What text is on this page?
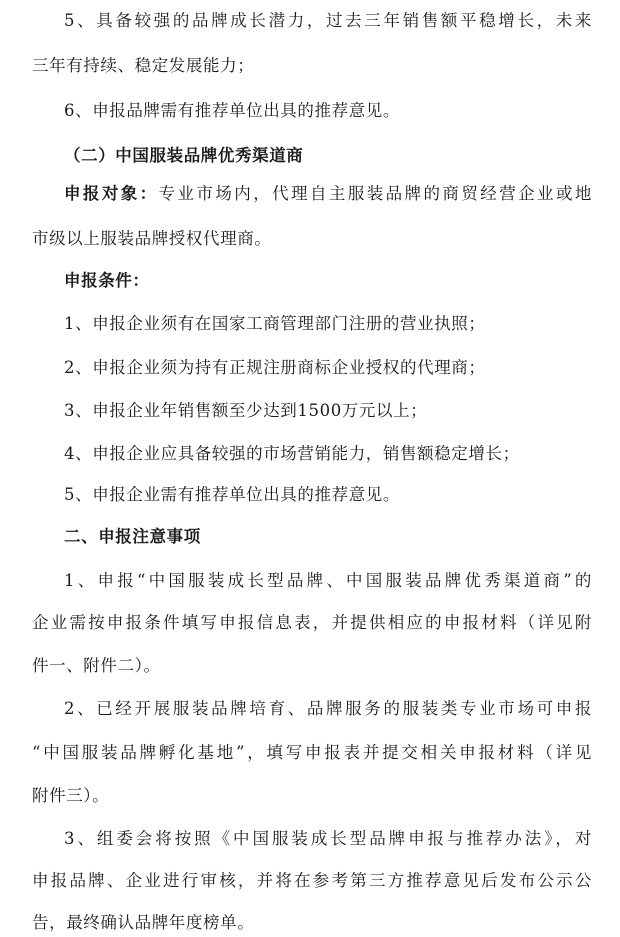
5、具备较强的品牌成长潜力，过去三年销售额平稳增长，未来
三年有持续、稳定发展能力；
6、申报品牌需有推荐单位出具的推荐意见。
（二）中国服装品牌优秀渠道商
申报对象：专业市场内，代理自主服装品牌的商贸经营企业或地
市级以上服装品牌授权代理商。
申报条件：
1、申报企业须有在国家工商管理部门注册的营业执照；
2、申报企业须为持有正规注册商标企业授权的代理商；
3、申报企业年销售额至少达到1500万元以上；
4、申报企业应具备较强的市场营销能力，销售额稳定增长；
5、申报企业需有推荐单位出具的推荐意见。
二、申报注意事项
1、申报“中国服装成长型品牌、中国服装品牌优秀渠道商”的
企业需按申报条件填写申报信息表，并提供相应的申报材料（详见附
件一、附件二）。
2、已经开展服装品牌培育、品牌服务的服装类专业市场可申报
“中国服装品牌孵化基地”，填写申报表并提交相关申报材料（详见
附件三）。
3、组委会将按照《中国服装成长型品牌申报与推荐办法》，对
申报品牌、企业进行审核，并将在参考第三方推荐意见后发布公示公
告，最终确认品牌年度榜单。
